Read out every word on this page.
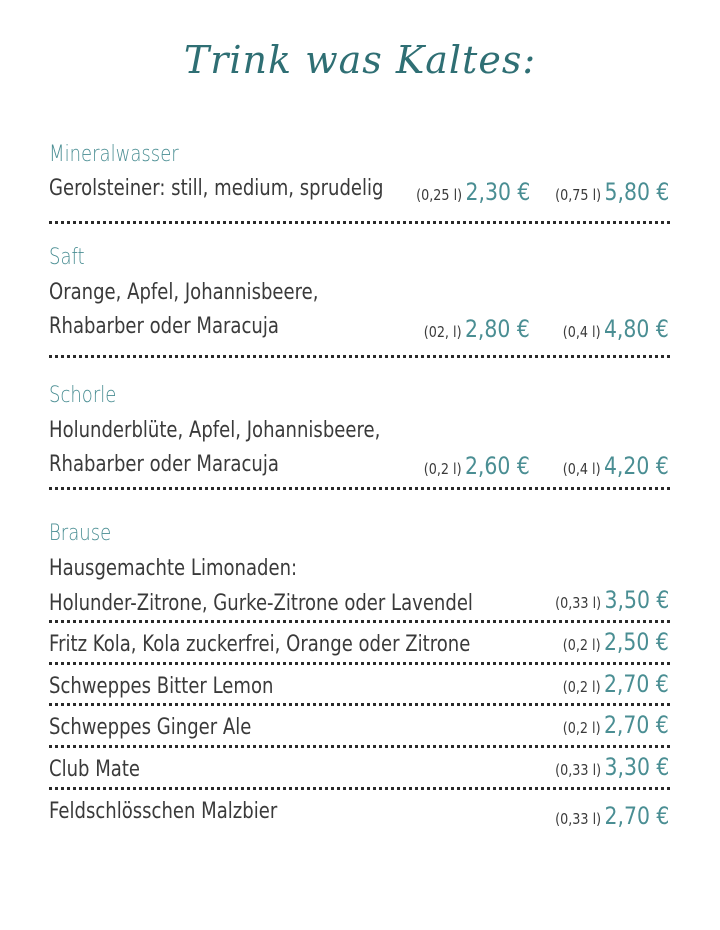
Trink was Kaltes:
Mineralwasser
Gerolsteiner: still, medium, sprudelig (0,25 l) 2,30 € (0,75 l) 5,80 €
Saft
Orange, Apfel, Johannisbeere,
Rhabarber oder Maracuja	(02, l) 2,80 € (0,4 l) 4,80 €
Schorle
Holunderblüte, Apfel, Johannisbeere,
Rhabarber oder Maracuja	(0,2 l) 2,60 € (0,4 l) 4,20 €
Brause
Hausgemachte Limonaden:
Holunder-Zitrone, Gurke-Zitrone oder Lavendel	(0,33 l) 3,50 €
Fritz Kola, Kola zuckerfrei, Orange oder Zitrone	(0,2 l) 2,50 €
Schweppes Bitter Lemon	(0,2 l) 2,70 €
Schweppes Ginger Ale	(0,2 l) 2,70 €
Club Mate	(0,33 l) 3,30 €
Feldschlösschen Malzbier	(0,33 l) 2,70 €
